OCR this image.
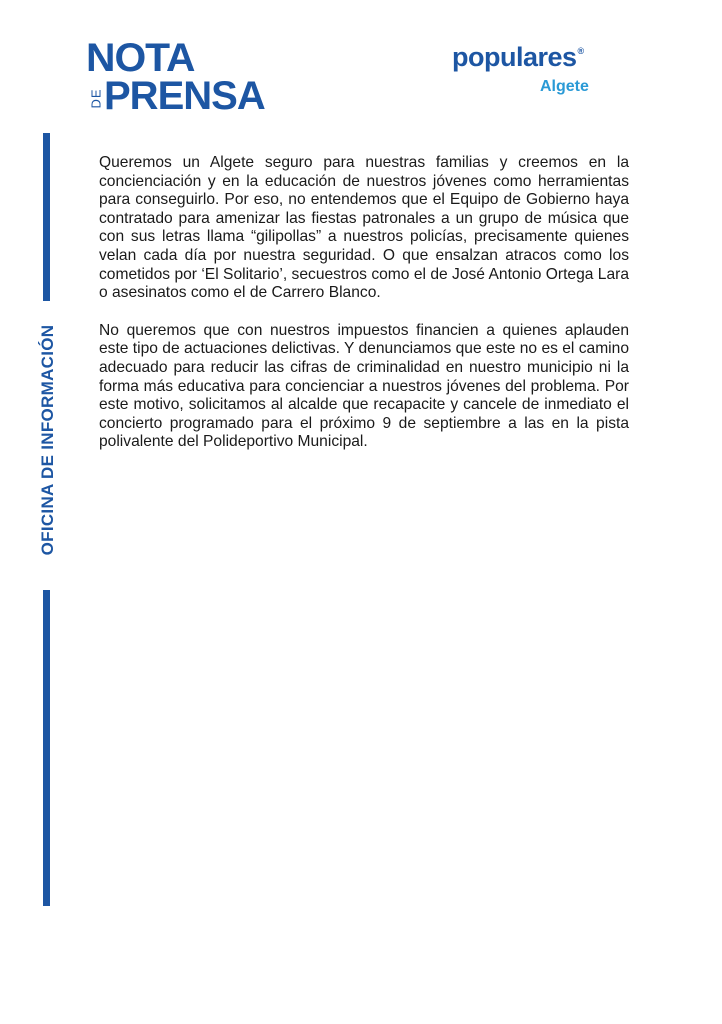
NOTA
DE PRENSA
populares®
Algete
OFICINA DE INFORMACIÓN

Queremos un Algete seguro para nuestras familias y creemos en la concienciación y en la educación de nuestros jóvenes como herramientas para conseguirlo. Por eso, no entendemos que el Equipo de Gobierno haya contratado para amenizar las fiestas patronales a un grupo de música que con sus letras llama “gilipollas” a nuestros policías, precisamente quienes velan cada día por nuestra seguridad. O que ensalzan atracos como los cometidos por ‘El Solitario’, secuestros como el de José Antonio Ortega Lara o asesinatos como el de Carrero Blanco.

No queremos que con nuestros impuestos financien a quienes aplauden este tipo de actuaciones delictivas. Y denunciamos que este no es el camino adecuado para reducir las cifras de criminalidad en nuestro municipio ni la forma más educativa para concienciar a nuestros jóvenes del problema. Por este motivo, solicitamos al alcalde que recapacite y cancele de inmediato el concierto programado para el próximo 9 de septiembre a las en la pista polivalente del Polideportivo Municipal.
